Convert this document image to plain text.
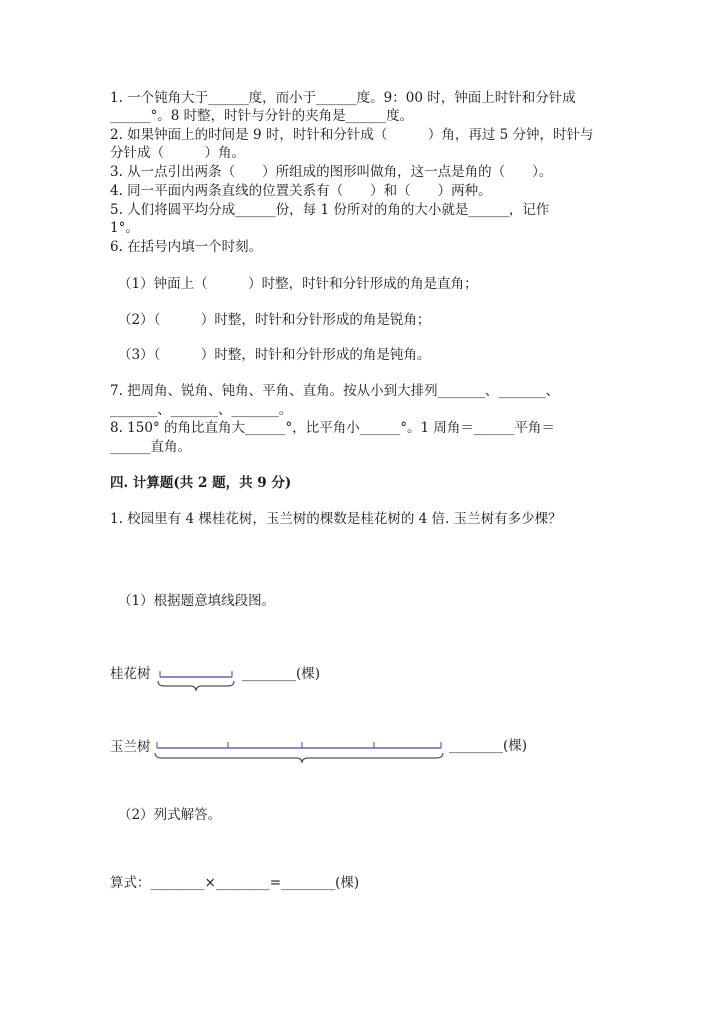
1. 一个钝角大于______度，而小于______度。9：00 时，钟面上时针和分针成
______°。8 时整，时针与分针的夹角是______度。
2. 如果钟面上的时间是 9 时，时针和分针成（　　　）角，再过 5 分钟，时针与
分针成（　　　）角。
3. 从一点引出两条（　　）所组成的图形叫做角，这一点是角的（　　）。
4. 同一平面内两条直线的位置关系有（　　）和（　　）两种。
5. 人们将圆平均分成______份，每 1 份所对的角的大小就是______，记作
1°。
6. 在括号内填一个时刻。
（1）钟面上（　　　）时整，时针和分针形成的角是直角；
（2）（　　　）时整，时针和分针形成的角是锐角；
（3）（　　　）时整，时针和分针形成的角是钝角。
7. 把周角、锐角、钝角、平角、直角。按从小到大排列_______、_______、
_______、_______、_______。
8. 150° 的角比直角大______°，比平角小______°。1 周角＝______平角＝
______直角。
四. 计算题(共 2 题，共 9 分)
1. 校园里有 4 棵桂花树，玉兰树的棵数是桂花树的 4 倍. 玉兰树有多少棵？
（1）根据题意填线段图。
桂花树	________(棵)
玉兰树	________(棵)
（2）列式解答。
算式：________×________=________(棵)
